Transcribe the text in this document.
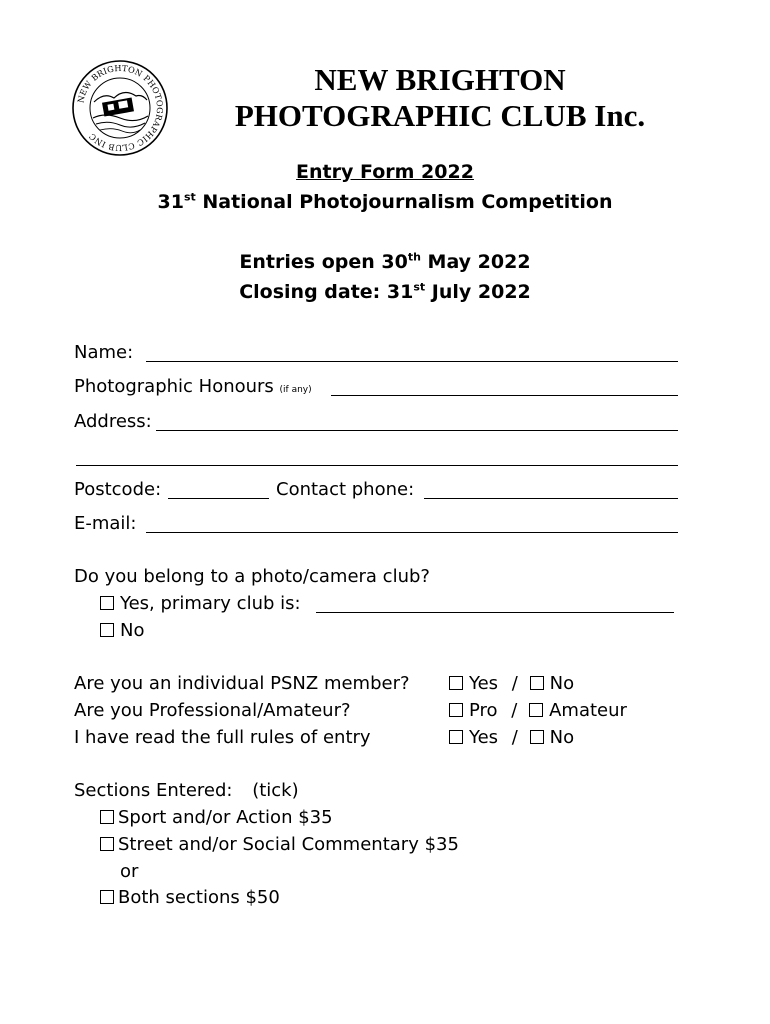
NEW BRIGHTON PHOTOGRAPHIC CLUB INC
NEW BRIGHTON
PHOTOGRAPHIC CLUB Inc.
Entry Form 2022
31st National Photojournalism Competition
Entries open 30th May 2022
Closing date: 31st July 2022
Name:
Photographic Honours (if any)
Address:
Postcode:	Contact phone:
E-mail:
Do you belong to a photo/camera club?
Yes, primary club is:
No
Are you an individual PSNZ member?	Yes / No
Are you Professional/Amateur?	Pro / Amateur
I have read the full rules of entry	Yes / No
Sections Entered: (tick)
Sport and/or Action $35
Street and/or Social Commentary $35
or
Both sections $50
